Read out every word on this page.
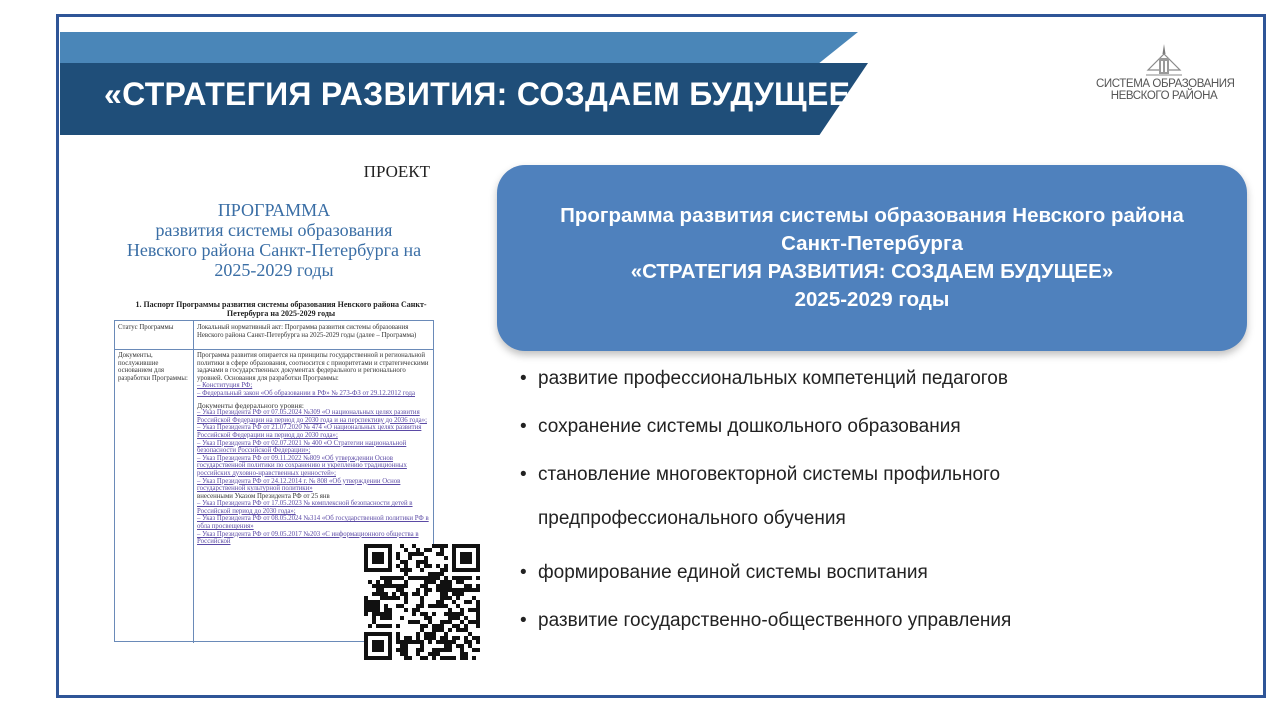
«СТРАТЕГИЯ РАЗВИТИЯ: СОЗДАЕМ БУДУЩЕЕ»	СИСТЕМА ОБРАЗОВАНИЯ
НЕВСКОГО РАЙОНА
ПРОЕКТ
ПРОГРАММА
развития системы образования
Невского района Санкт-Петербурга на
2025-2029 годы
1. Паспорт Программы развития системы образования Невского района Санкт-Петербурга на 2025-2029 годы
Статус Программы	Локальный нормативный акт: Программа развития системы образования Невского района Санкт-Петербурга на 2025-2029 годы (далее – Программа)
Документы, послужившие основанием для разработки Программы:
Программа развития опирается на принципы государственной и региональной политики в сфере образования, соотносится с приоритетами и стратегическими задачами в государственных документах федерального и регионального уровней. Основания для разработки Программы:
– Конституция РФ;
– Федеральный закон «Об образовании в РФ» № 273-ФЗ от 29.12.2012 года
Документы федерального уровня:
– Указ Президента РФ от 07.05.2024 №309 «О национальных целях развития Российской Федерации на период до 2030 года и на перспективу до 2036 года»;
– Указ Президента РФ от 21.07.2020 № 474 «О национальных целях развития Российской Федерации на период до 2030 года»;
– Указ Президента РФ от 02.07.2021 № 400 «О Стратегии национальной безопасности Российской Федерации»;
– Указ Президента РФ от 09.11.2022 №809 «Об утверждении Основ государственной политики по сохранению и укреплению традиционных российских духовно-нравственных ценностей»;
– Указ Президента РФ от 24.12.2014 г. № 808 «Об утверждении Основ государственной культурной политики»
внесенными Указом Президента РФ от 25 янв
– Указ Президента РФ от 17.05.2023 № комплексной безопасности детей в Российской период до 2030 года»;
– Указ Президента РФ от 08.05.2024 №314 «Об государственной политики РФ в обла просвещения»
– Указ Президента РФ от 09.05.2017 №203 «С информационного общества в Российской
Программа развития системы образования Невского района
Санкт-Петербурга
«СТРАТЕГИЯ РАЗВИТИЯ: СОЗДАЕМ БУДУЩЕЕ»
2025-2029 годы
• развитие профессиональных компетенций педагогов
• сохранение системы дошкольного образования
• становление многовекторной системы профильного
предпрофессионального обучения
• формирование единой системы воспитания
• развитие государственно-общественного управления
